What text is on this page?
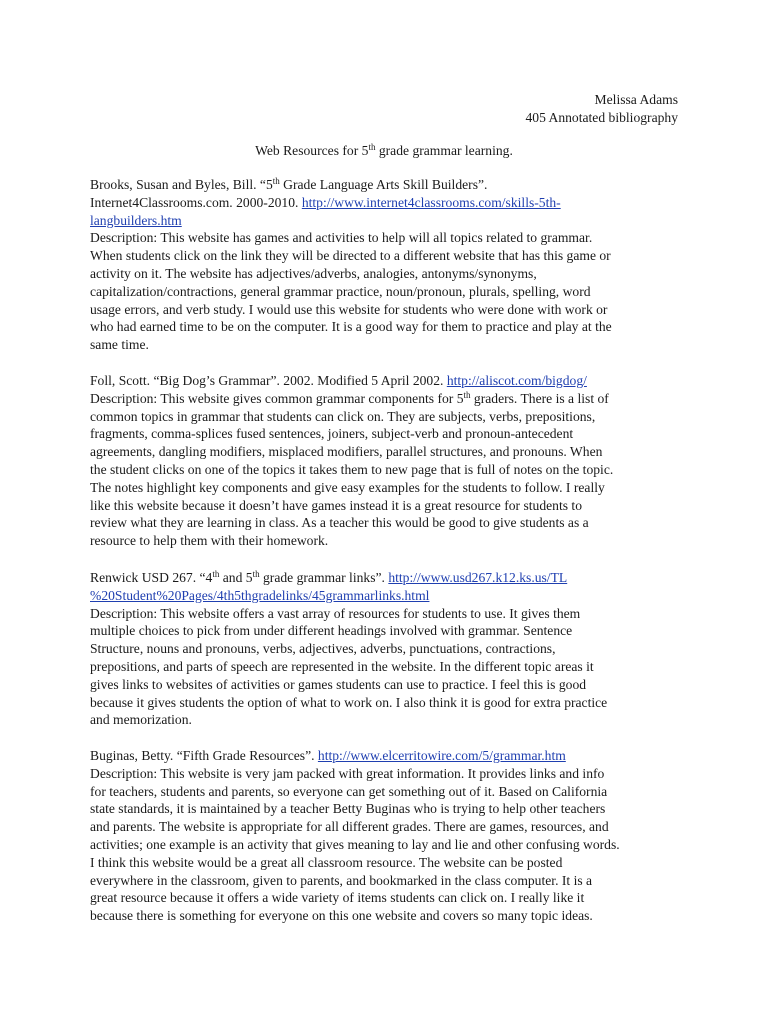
Melissa Adams
405 Annotated bibliography
Web Resources for 5th grade grammar learning.
Brooks, Susan and Byles, Bill. “5th Grade Language Arts Skill Builders”.
Internet4Classrooms.com. 2000-2010. http://www.internet4classrooms.com/skills-5th-
langbuilders.htm
Description: This website has games and activities to help will all topics related to grammar.
When students click on the link they will be directed to a different website that has this game or
activity on it. The website has adjectives/adverbs, analogies, antonyms/synonyms,
capitalization/contractions, general grammar practice, noun/pronoun, plurals, spelling, word
usage errors, and verb study. I would use this website for students who were done with work or
who had earned time to be on the computer. It is a good way for them to practice and play at the
same time.
Foll, Scott. “Big Dog’s Grammar”. 2002. Modified 5 April 2002. http://aliscot.com/bigdog/
Description: This website gives common grammar components for 5th graders. There is a list of
common topics in grammar that students can click on. They are subjects, verbs, prepositions,
fragments, comma-splices fused sentences, joiners, subject-verb and pronoun-antecedent
agreements, dangling modifiers, misplaced modifiers, parallel structures, and pronouns. When
the student clicks on one of the topics it takes them to new page that is full of notes on the topic.
The notes highlight key components and give easy examples for the students to follow. I really
like this website because it doesn’t have games instead it is a great resource for students to
review what they are learning in class. As a teacher this would be good to give students as a
resource to help them with their homework.
Renwick USD 267. “4th and 5th grade grammar links”. http://www.usd267.k12.ks.us/TL
%20Student%20Pages/4th5thgradelinks/45grammarlinks.html
Description: This website offers a vast array of resources for students to use. It gives them
multiple choices to pick from under different headings involved with grammar. Sentence
Structure, nouns and pronouns, verbs, adjectives, adverbs, punctuations, contractions,
prepositions, and parts of speech are represented in the website. In the different topic areas it
gives links to websites of activities or games students can use to practice. I feel this is good
because it gives students the option of what to work on. I also think it is good for extra practice
and memorization.
Buginas, Betty. “Fifth Grade Resources”. http://www.elcerritowire.com/5/grammar.htm
Description: This website is very jam packed with great information. It provides links and info
for teachers, students and parents, so everyone can get something out of it. Based on California
state standards, it is maintained by a teacher Betty Buginas who is trying to help other teachers
and parents. The website is appropriate for all different grades. There are games, resources, and
activities; one example is an activity that gives meaning to lay and lie and other confusing words.
I think this website would be a great all classroom resource. The website can be posted
everywhere in the classroom, given to parents, and bookmarked in the class computer. It is a
great resource because it offers a wide variety of items students can click on. I really like it
because there is something for everyone on this one website and covers so many topic ideas.
